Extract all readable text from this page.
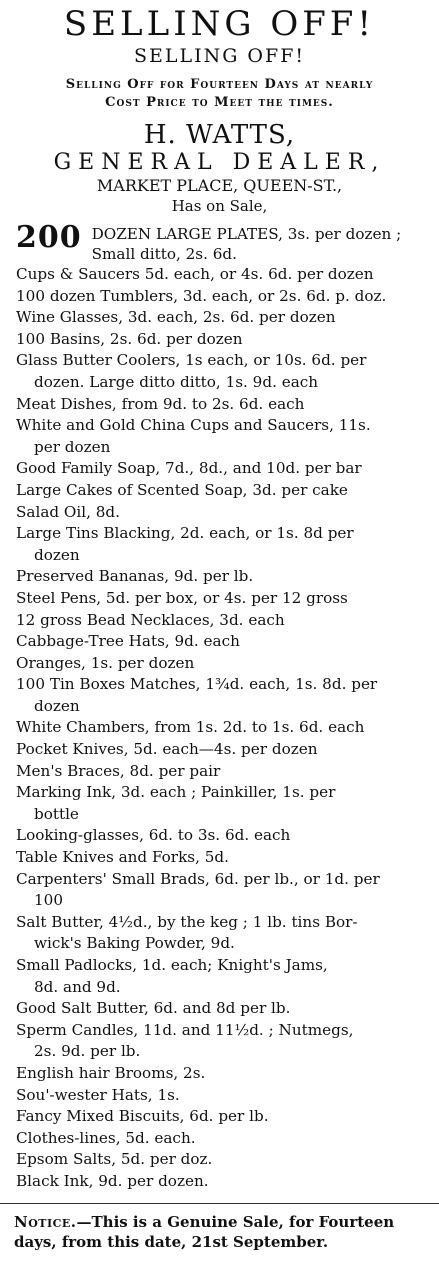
SELLING OFF!
SELLING OFF!
Selling Off for Fourteen Days at nearly
Cost Price to Meet the times.
H. WATTS,
GENERAL DEALER,
MARKET PLACE, QUEEN-ST.,
Has on Sale,
200 DOZEN LARGE PLATES, 3s. per dozen ; Small ditto, 2s. 6d.
Cups & Saucers 5d. each, or 4s. 6d. per dozen
100 dozen Tumblers, 3d. each, or 2s. 6d. p. doz.
Wine Glasses, 3d. each, 2s. 6d. per dozen
100 Basins, 2s. 6d. per dozen
Glass Butter Coolers, 1s each, or 10s. 6d. per
dozen. Large ditto ditto, 1s. 9d. each
Meat Dishes, from 9d. to 2s. 6d. each
White and Gold China Cups and Saucers, 11s.
per dozen
Good Family Soap, 7d., 8d., and 10d. per bar
Large Cakes of Scented Soap, 3d. per cake
Salad Oil, 8d.
Large Tins Blacking, 2d. each, or 1s. 8d per
dozen
Preserved Bananas, 9d. per lb.
Steel Pens, 5d. per box, or 4s. per 12 gross
12 gross Bead Necklaces, 3d. each
Cabbage-Tree Hats, 9d. each
Oranges, 1s. per dozen
100 Tin Boxes Matches, 1¾d. each, 1s. 8d. per
dozen
White Chambers, from 1s. 2d. to 1s. 6d. each
Pocket Knives, 5d. each—4s. per dozen
Men's Braces, 8d. per pair
Marking Ink, 3d. each ; Painkiller, 1s. per
bottle
Looking-glasses, 6d. to 3s. 6d. each
Table Knives and Forks, 5d.
Carpenters' Small Brads, 6d. per lb., or 1d. per
100
Salt Butter, 4½d., by the keg ; 1 lb. tins Bor-
wick's Baking Powder, 9d.
Small Padlocks, 1d. each; Knight's Jams,
8d. and 9d.
Good Salt Butter, 6d. and 8d per lb.
Sperm Candles, 11d. and 11½d. ; Nutmegs,
2s. 9d. per lb.
English hair Brooms, 2s.
Sou'-wester Hats, 1s.
Fancy Mixed Biscuits, 6d. per lb.
Clothes-lines, 5d. each.
Epsom Salts, 5d. per doz.
Black Ink, 9d. per dozen.
Notice.—This is a Genuine Sale, for Fourteen days, from this date, 21st September.
